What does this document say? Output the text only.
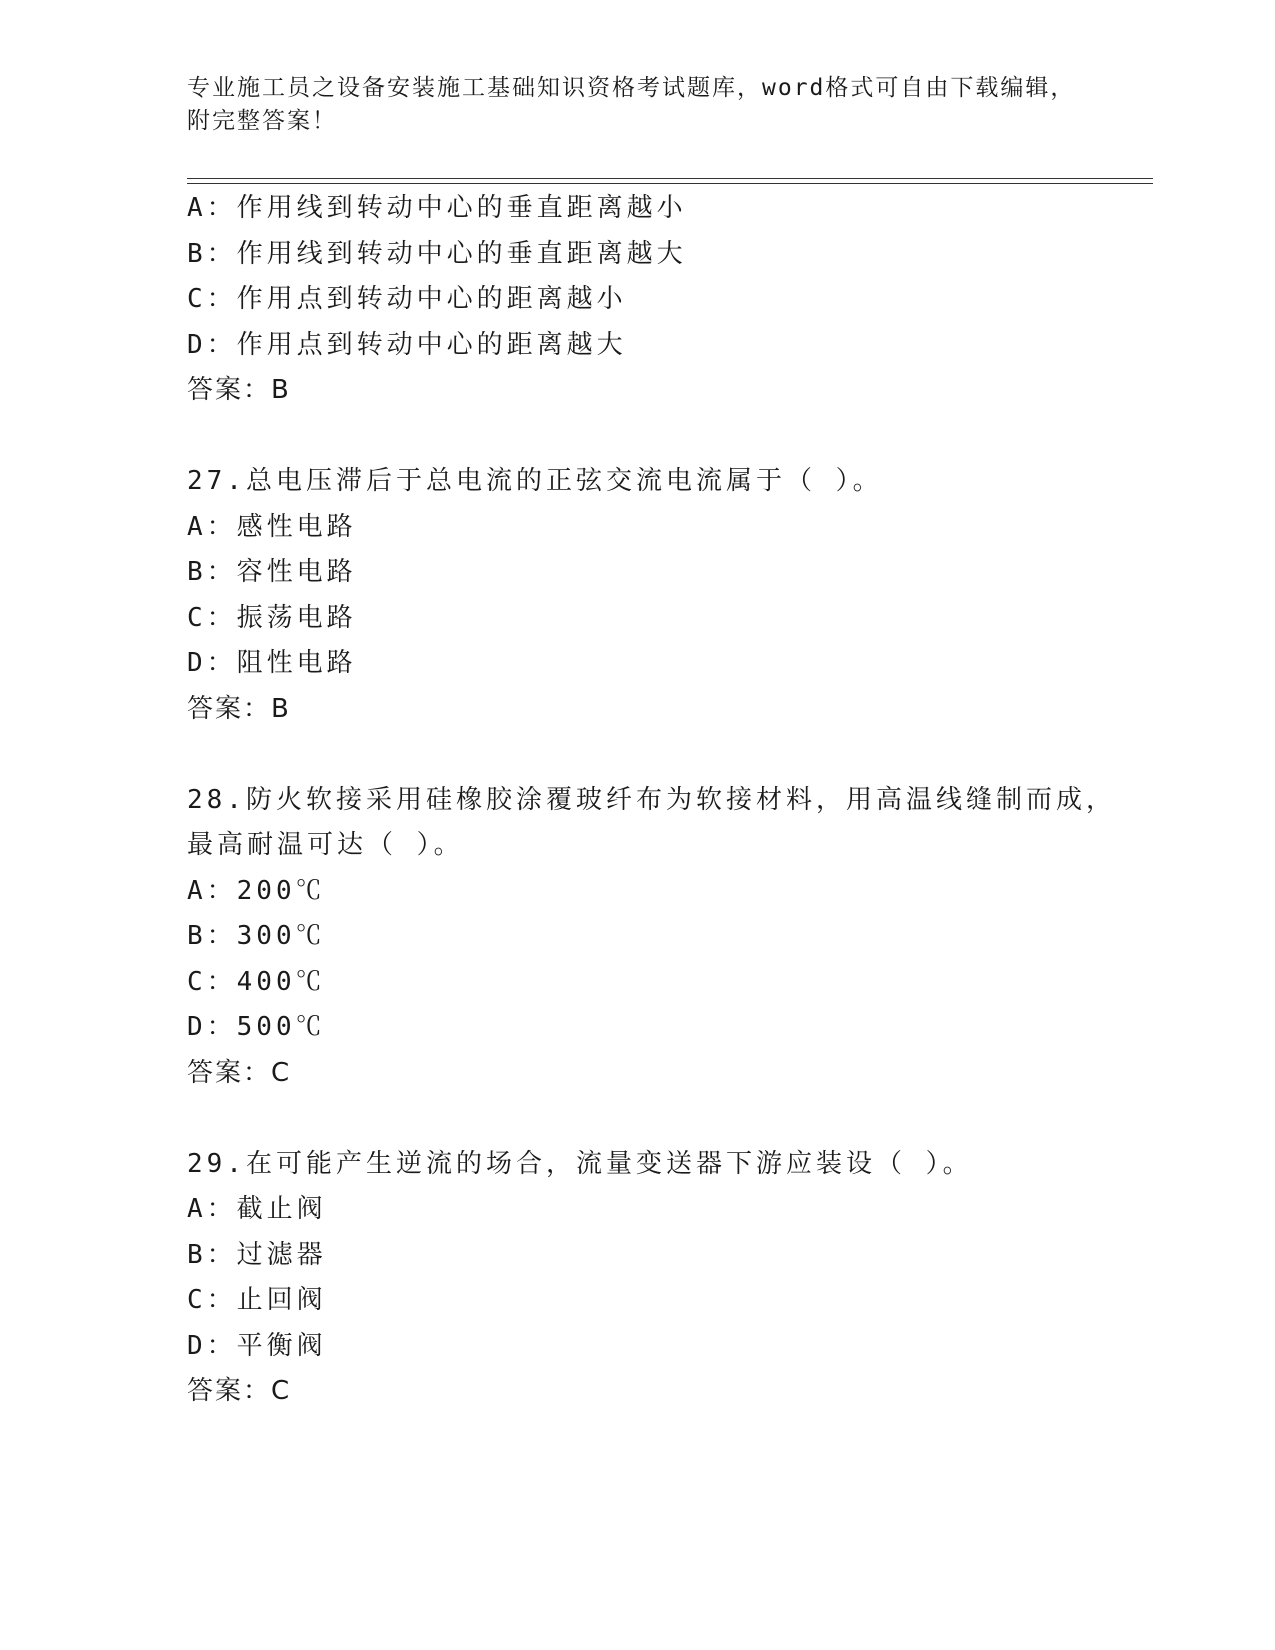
专业施工员之设备安装施工基础知识资格考试题库，word格式可自由下载编辑，
附完整答案！
A：作用线到转动中心的垂直距离越小
B：作用线到转动中心的垂直距离越大
C：作用点到转动中心的距离越小
D：作用点到转动中心的距离越大
答案：B
27.总电压滞后于总电流的正弦交流电流属于（ ）。
A：感性电路
B：容性电路
C：振荡电路
D：阻性电路
答案：B
28.防火软接采用硅橡胶涂覆玻纤布为软接材料，用高温线缝制而成，
最高耐温可达（ ）。
A：200℃
B：300℃
C：400℃
D：500℃
答案：C
29.在可能产生逆流的场合，流量变送器下游应装设（ ）。
A：截止阀
B：过滤器
C：止回阀
D：平衡阀
答案：C
